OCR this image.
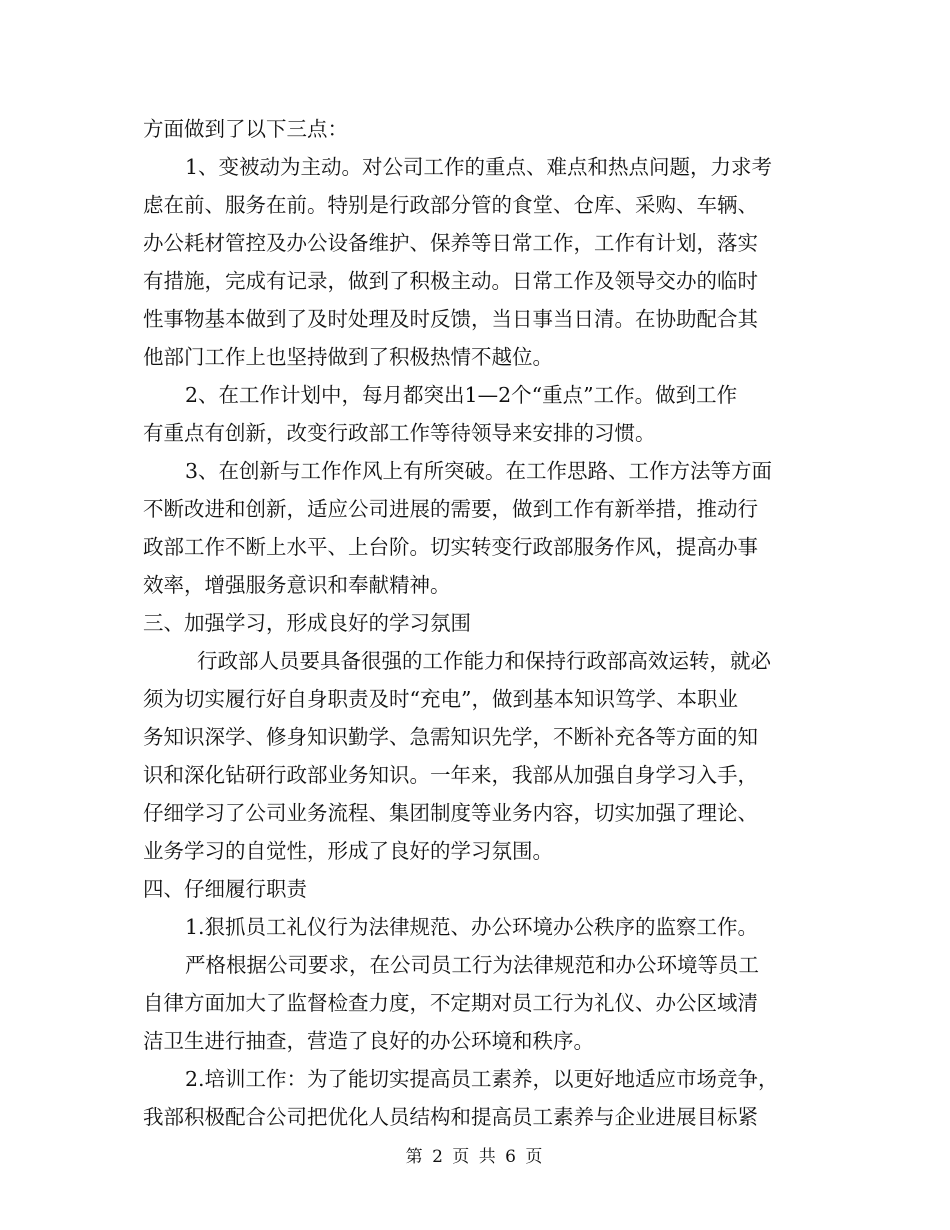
方面做到了以下三点：
1、变被动为主动。对公司工作的重点、难点和热点问题，力求考
虑在前、服务在前。特别是行政部分管的食堂、仓库、采购、车辆、
办公耗材管控及办公设备维护、保养等日常工作，工作有计划，落实
有措施，完成有记录，做到了积极主动。日常工作及领导交办的临时
性事物基本做到了及时处理及时反馈，当日事当日清。在协助配合其
他部门工作上也坚持做到了积极热情不越位。
2、在工作计划中，每月都突出1—2个“重点”工作。做到工作
有重点有创新，改变行政部工作等待领导来安排的习惯。
3、在创新与工作作风上有所突破。在工作思路、工作方法等方面
不断改进和创新，适应公司进展的需要，做到工作有新举措，推动行
政部工作不断上水平、上台阶。切实转变行政部服务作风，提高办事
效率，增强服务意识和奉献精神。
三、加强学习，形成良好的学习氛围
行政部人员要具备很强的工作能力和保持行政部高效运转，就必
须为切实履行好自身职责及时“充电”，做到基本知识笃学、本职业
务知识深学、修身知识勤学、急需知识先学，不断补充各等方面的知
识和深化钻研行政部业务知识。一年来，我部从加强自身学习入手，
仔细学习了公司业务流程、集团制度等业务内容，切实加强了理论、
业务学习的自觉性，形成了良好的学习氛围。
四、仔细履行职责
1.狠抓员工礼仪行为法律规范、办公环境办公秩序的监察工作。
严格根据公司要求，在公司员工行为法律规范和办公环境等员工
自律方面加大了监督检查力度，不定期对员工行为礼仪、办公区域清
洁卫生进行抽查，营造了良好的办公环境和秩序。
2.培训工作：为了能切实提高员工素养，以更好地适应市场竞争，
我部积极配合公司把优化人员结构和提高员工素养与企业进展目标紧
第 2 页 共 6 页
